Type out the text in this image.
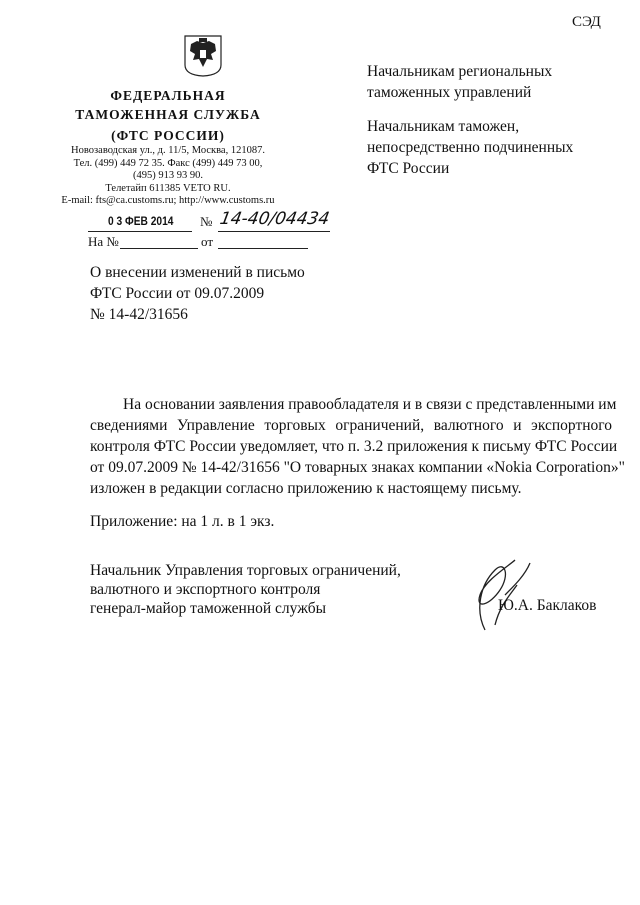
СЭД
ФЕДЕРАЛЬНАЯ
ТАМОЖЕННАЯ СЛУЖБА
(ФТС РОССИИ)
Новозаводская ул., д. 11/5, Москва, 121087.
Тел. (499) 449 72 35. Факс (499) 449 73 00,
(495) 913 93 90.
Телетайп 611385 VETO RU.
E-mail: fts@ca.customs.ru; http://www.customs.ru
0 3 ФЕВ 2014 № 14-40/04434
На №	от
Начальникам региональных
таможенных управлений
Начальникам таможен,
непосредственно подчиненных
ФТС России
О внесении изменений в письмо
ФТС России от 09.07.2009
№ 14-42/31656
На основании заявления правообладателя и в связи с представленными им
сведениями Управление торговых ограничений, валютного и экспортного
контроля ФТС России уведомляет, что п. 3.2 приложения к письму ФТС России
от 09.07.2009 № 14-42/31656 "О товарных знаках компании «Nokia Corporation»"
изложен в редакции согласно приложению к настоящему письму.
Приложение: на 1 л. в 1 экз.
Начальник Управления торговых ограничений,
валютного и экспортного контроля
генерал-майор таможенной службы	Ю.А. Баклаков
